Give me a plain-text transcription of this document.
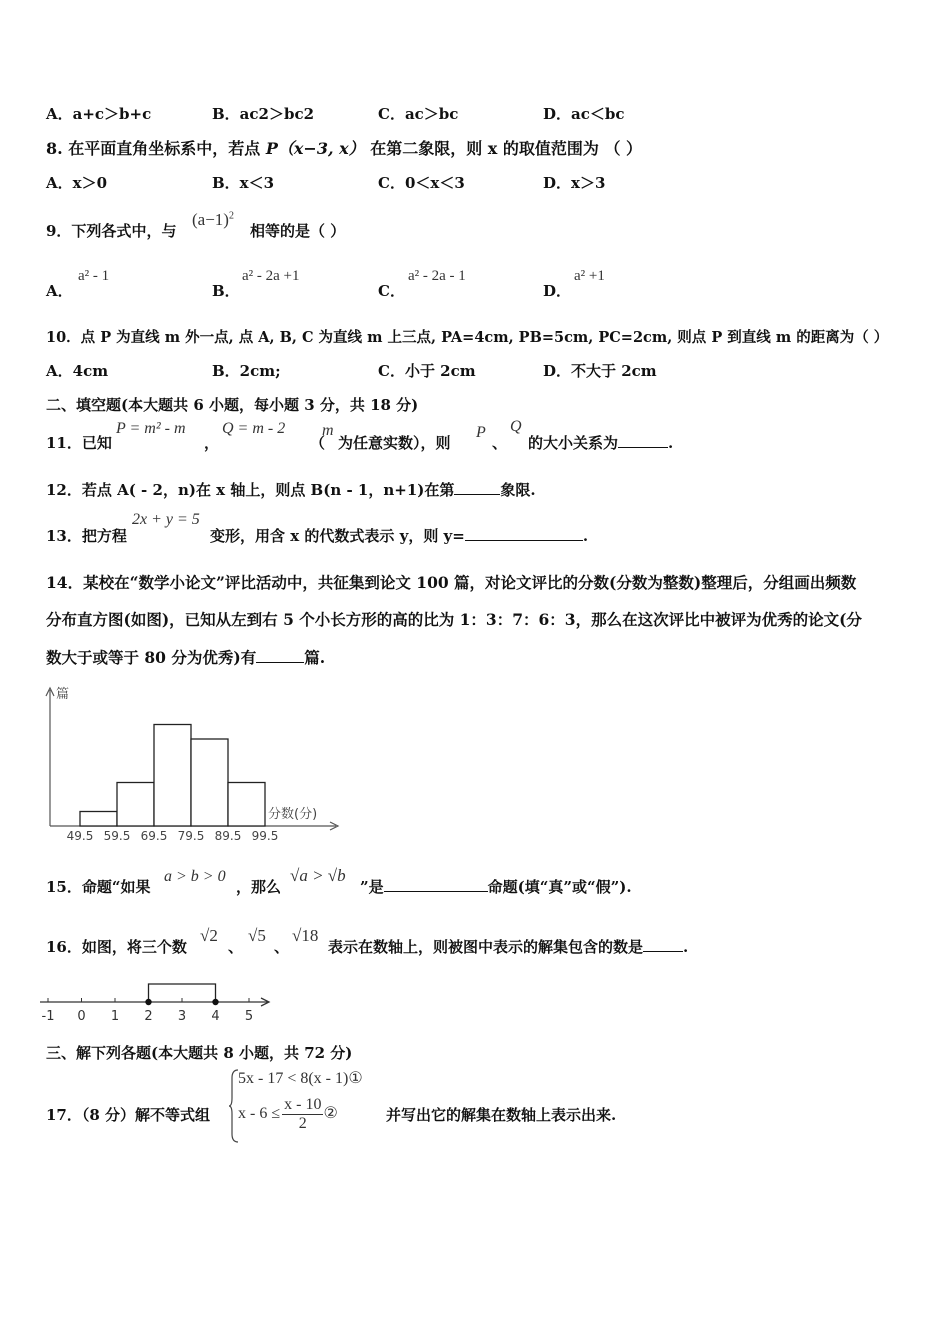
A．a+c＞b+c	B．ac2＞bc2	C．ac＞bc	D．ac＜bc
8. 在平面直角坐标系中，若点 P（x−3, x） 在第二象限，则 x 的取值范围为 （ ）
A．x＞0	B．x＜3	C．0＜x＜3	D．x＞3
9．下列各式中，与
$(a-1)^2$
相等的是（ ）
A．
a² - 1
B．
a² - 2a +1
C．
a² - 2a - 1
D．
a² +1
10．点 P 为直线 m 外一点, 点 A, B, C 为直线 m 上三点, PA=4cm, PB=5cm, PC=2cm, 则点 P 到直线 m 的距离为（ ）
A．4cm	B．2cm;	C．小于 2cm	D．不大于 2cm
二、填空题(本大题共 6 小题，每小题 3 分，共 18 分)
11．已知
P = m² - m
，
Q = m - 2
（
m
为任意实数），则
P
、
Q
的大小关系为	.
12．若点 A( - 2，n)在 x 轴上，则点 B(n - 1，n+1)在第	象限.
13．把方程
2x + y = 5
变形，用含 x 的代数式表示 y，则 y=	.
14．某校在“数学小论文”评比活动中，共征集到论文 100 篇，对论文评比的分数(分数为整数)整理后，分组画出频数
分布直方图(如图)，已知从左到右 5 个小长方形的高的比为 1：3：7：6：3，那么在这次评比中被评为优秀的论文(分
数大于或等于 80 分为优秀)有	篇.
篇
分数(分)
49.5 59.5 69.5 79.5 89.5 99.5
15．命题“如果
a > b > 0
，那么
√a > √b
”是	命题(填“真”或“假”).
16．如图，将三个数
√2
、
√5
、
√18
表示在数轴上，则被图中表示的解集包含的数是	.
-1 0 1 2 3 4 5
三、解下列各题(本大题共 8 小题，共 72 分)
17．（8 分）解不等式组
5x - 17 < 8(x - 1)①
$x - 6 \le \frac{x - 10}{2}$ ②	并写出它的解集在数轴上表示出来.
